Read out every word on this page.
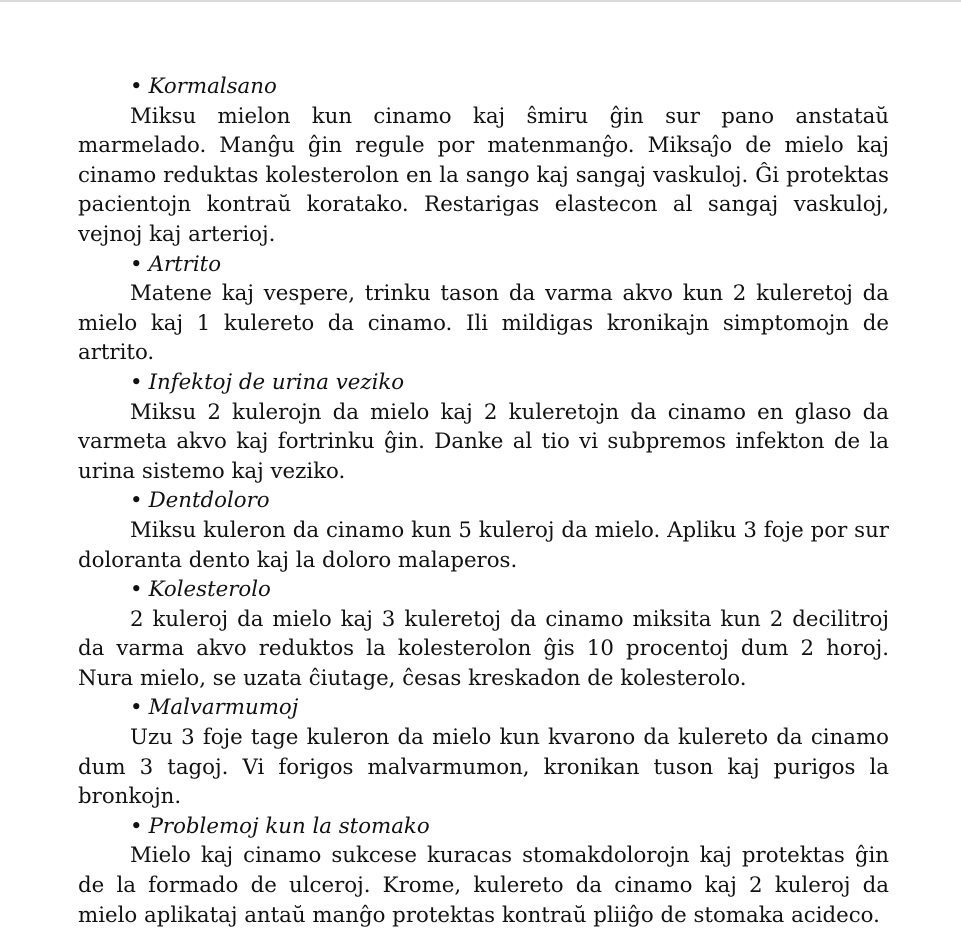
• Kormalsano

Miksu mielon kun cinamo kaj ŝmiru ĝin sur pano anstataŭ marmelado. Manĝu ĝin regule por matenmanĝo. Miksaĵo de mielo kaj cinamo reduktas kolesterolon en la sango kaj sangaj vaskuloj. Ĝi protektas pacientojn kontraŭ koratako. Restarigas elastecon al sangaj vaskuloj, vejnoj kaj arterioj.

• Artrito

Matene kaj vespere, trinku tason da varma akvo kun 2 kuleretoj da mielo kaj 1 kulereto da cinamo. Ili mildigas kronikajn simptomojn de artrito.

• Infektoj de urina veziko

Miksu 2 kulerojn da mielo kaj 2 kuleretojn da cinamo en glaso da varmeta akvo kaj fortrinku ĝin. Danke al tio vi subpremos infekton de la urina sistemo kaj veziko.

• Dentdoloro

Miksu kuleron da cinamo kun 5 kuleroj da mielo. Apliku 3 foje por sur doloranta dento kaj la doloro malaperos.

• Kolesterolo

2 kuleroj da mielo kaj 3 kuleretoj da cinamo miksita kun 2 decilitroj da varma akvo reduktos la kolesterolon ĝis 10 procentoj dum 2 horoj. Nura mielo, se uzata ĉiutage, ĉesas kreskadon de kolesterolo.

• Malvarmumoj

Uzu 3 foje tage kuleron da mielo kun kvarono da kulereto da cinamo dum 3 tagoj. Vi forigos malvarmumon, kronikan tuson kaj purigos la bronkojn.

• Problemoj kun la stomako

Mielo kaj cinamo sukcese kuracas stomakdolorojn kaj protektas ĝin de la formado de ulceroj. Krome, kulereto da cinamo kaj 2 kuleroj da mielo aplikataj antaŭ manĝo protektas kontraŭ pliiĝo de stomaka acideco.
